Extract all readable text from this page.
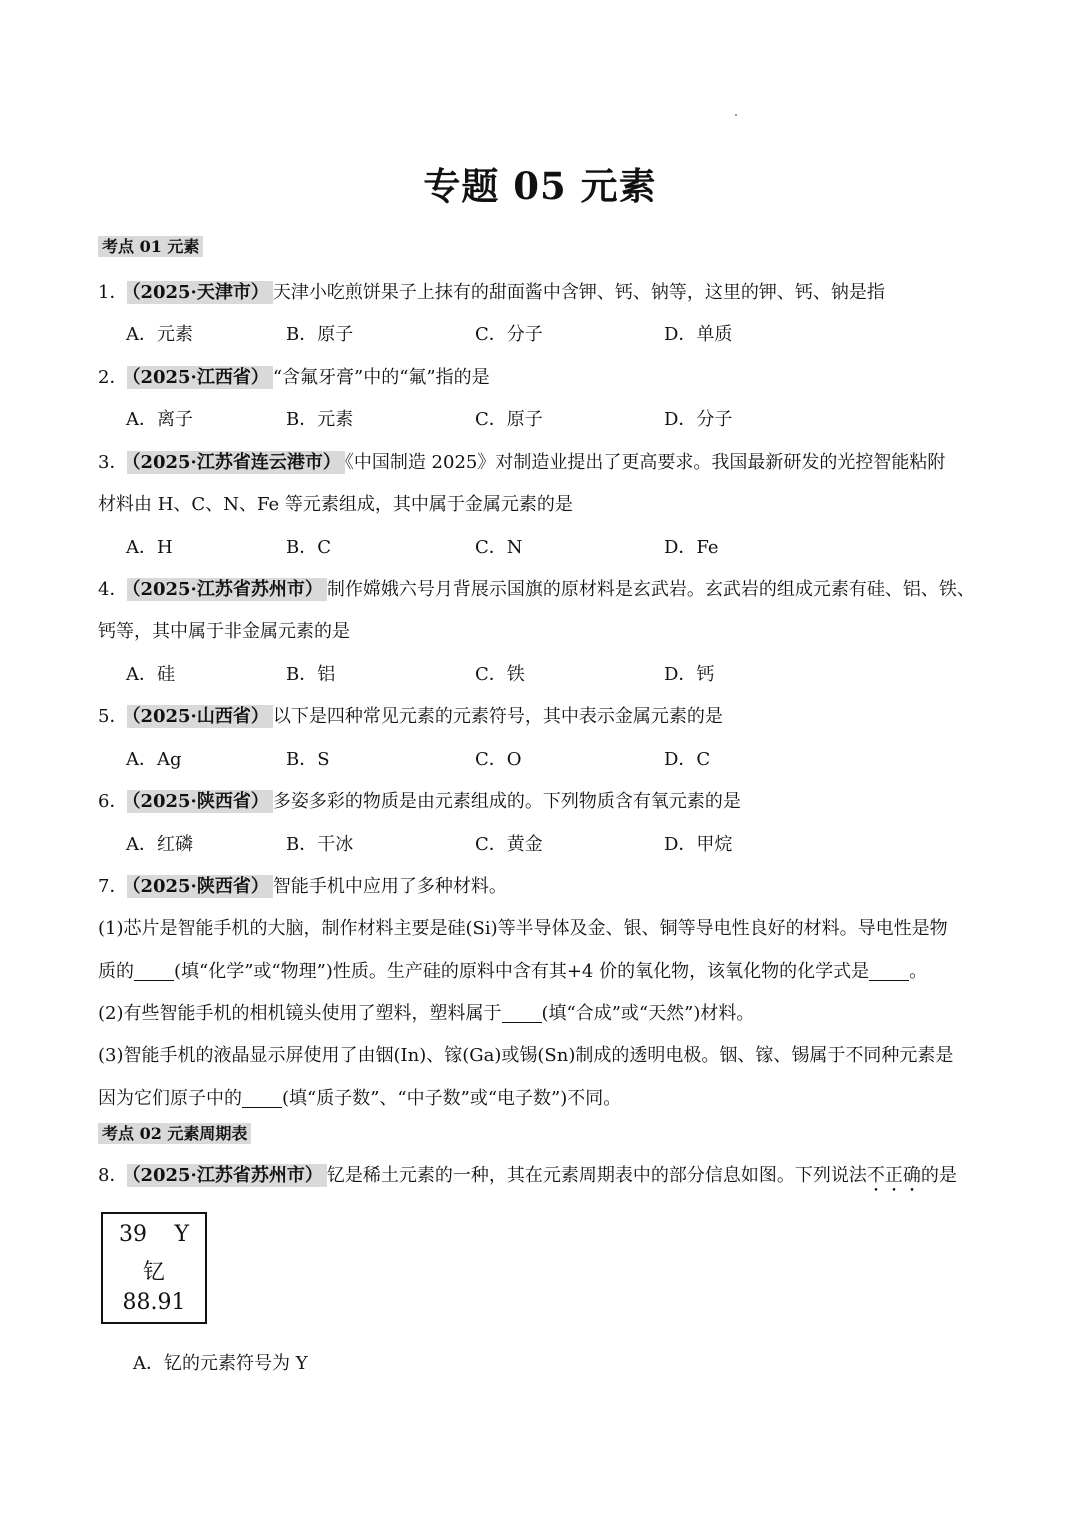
专题 05 元素
考点 01 元素
1． （2025·天津市） 天津小吃煎饼果子上抹有的甜面酱中含钾、钙、钠等，这里的钾、钙、钠是指
A．元素	B．原子	C．分子	D．单质
2． （2025·江西省） “含氟牙膏”中的“氟”指的是
A．离子	B．元素	C．原子	D．分子
3． （2025·江苏省连云港市） 《中国制造 2025》对制造业提出了更高要求。我国最新研发的光控智能粘附
材料由 H、C、N、Fe 等元素组成，其中属于金属元素的是
A．H	B．C	C．N	D．Fe
4． （2025·江苏省苏州市） 制作嫦娥六号月背展示国旗的原材料是玄武岩。玄武岩的组成元素有硅、铝、铁、
钙等，其中属于非金属元素的是
A．硅	B．铝	C．铁	D．钙
5． （2025·山西省） 以下是四种常见元素的元素符号，其中表示金属元素的是
A．Ag	B．S	C．O	D．C
6． （2025·陕西省） 多姿多彩的物质是由元素组成的。下列物质含有氧元素的是
A．红磷	B．干冰	C．黄金	D．甲烷
7． （2025·陕西省） 智能手机中应用了多种材料。
(1)芯片是智能手机的大脑，制作材料主要是硅(Si)等半导体及金、银、铜等导电性良好的材料。导电性是物
质的 (填“化学”或“物理”)性质。生产硅的原料中含有其+4 价的氧化物，该氧化物的化学式是 。
(2)有些智能手机的相机镜头使用了塑料，塑料属于 (填“合成”或“天然”)材料。
(3)智能手机的液晶显示屏使用了由铟(In)、镓(Ga)或锡(Sn)制成的透明电极。铟、镓、锡属于不同种元素是
因为它们原子中的 (填“质子数”、“中子数”或“电子数”)不同。
考点 02 元素周期表
8． （2025·江苏省苏州市） 钇是稀土元素的一种，其在元素周期表中的部分信息如图。下列说法不正确的是
39 Y
钇
88.91
A．钇的元素符号为 Y
